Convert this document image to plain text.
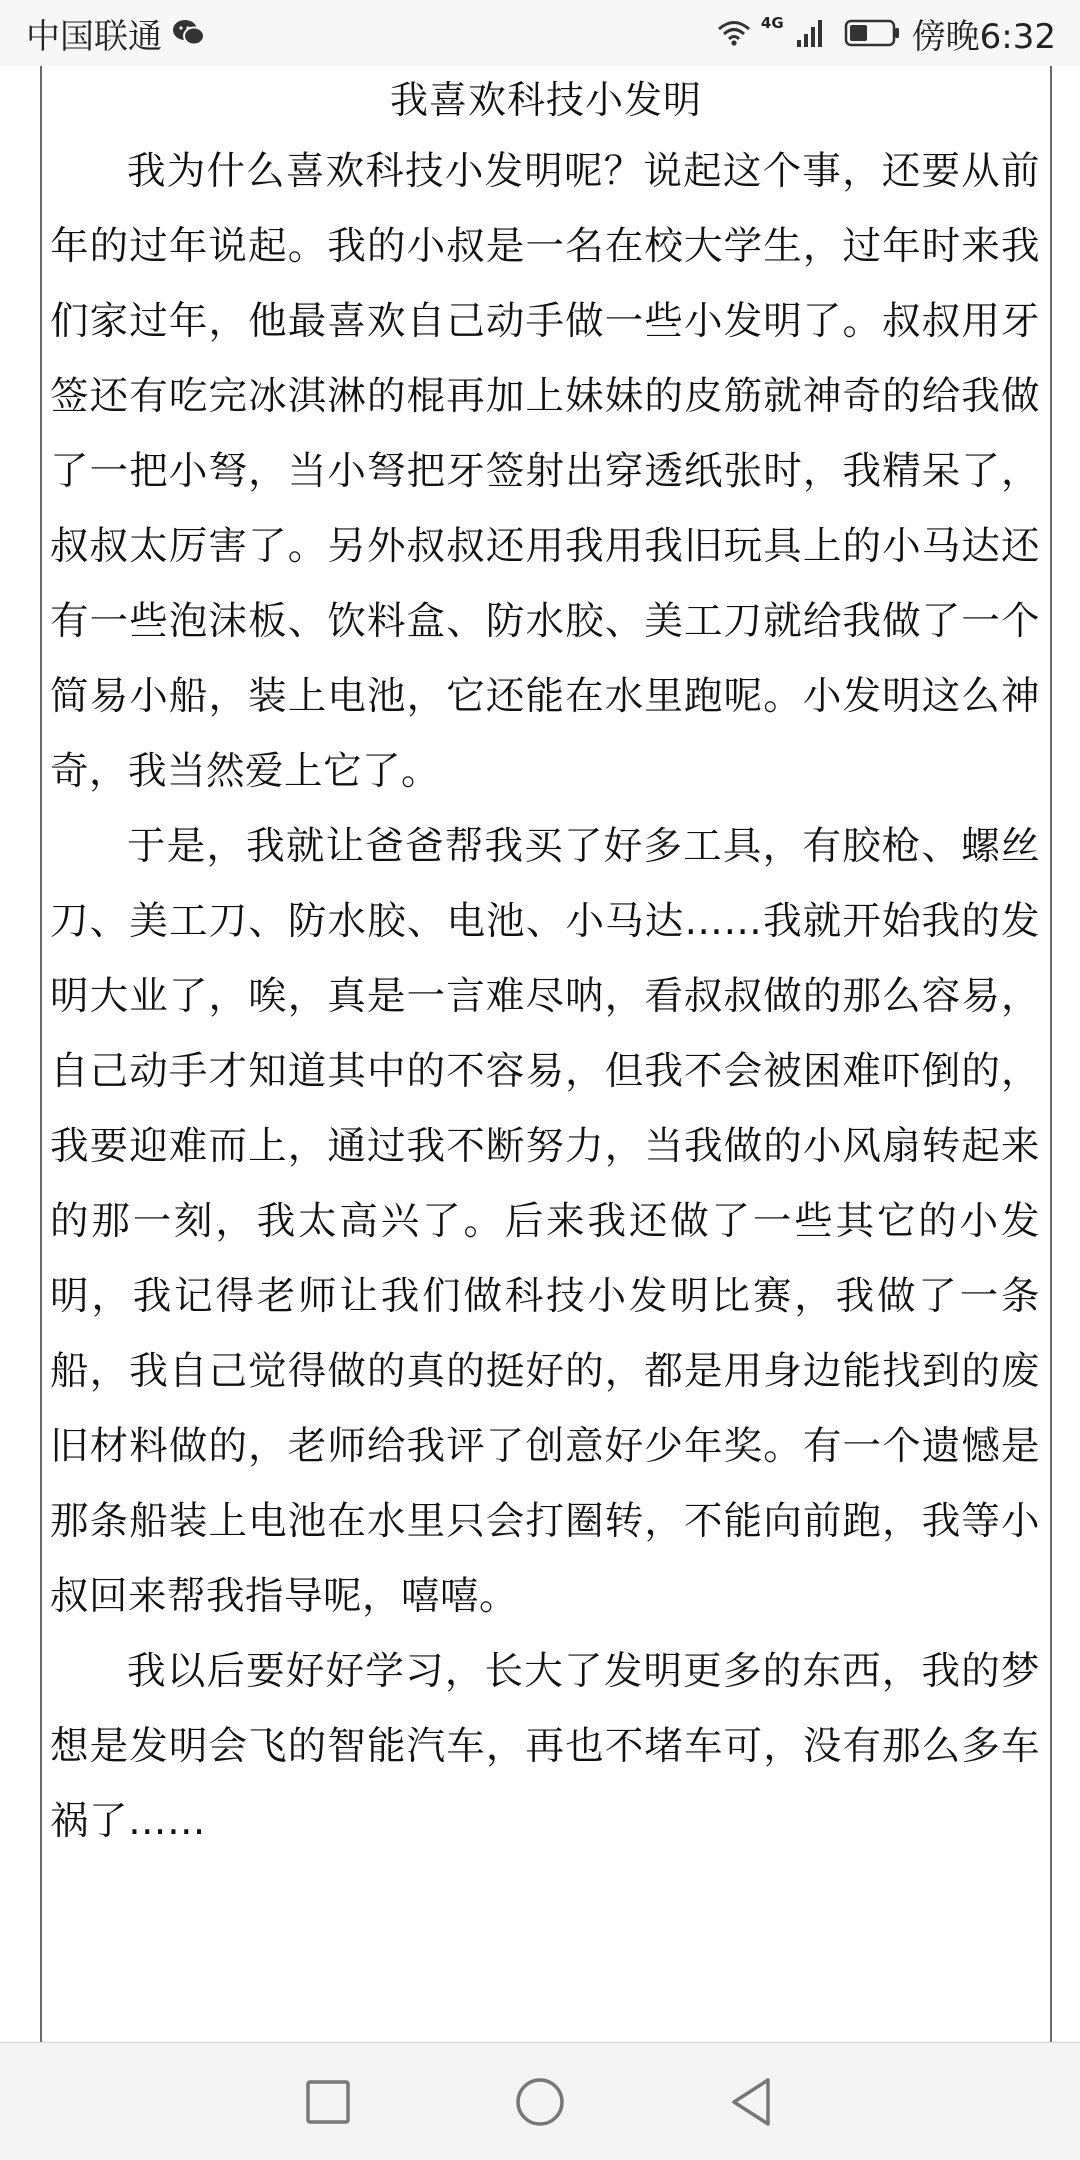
中国联通	4G	傍晚6:32
我喜欢科技小发明

我为什么喜欢科技小发明呢？说起这个事，还要从前年的过年说起。我的小叔是一名在校大学生，过年时来我们家过年，他最喜欢自己动手做一些小发明了。叔叔用牙签还有吃完冰淇淋的棍再加上妹妹的皮筋就神奇的给我做了一把小弩，当小弩把牙签射出穿透纸张时，我精呆了，叔叔太厉害了。另外叔叔还用我用我旧玩具上的小马达还有一些泡沫板、饮料盒、防水胶、美工刀就给我做了一个简易小船，装上电池，它还能在水里跑呢。小发明这么神奇，我当然爱上它了。

于是，我就让爸爸帮我买了好多工具，有胶枪、螺丝刀、美工刀、防水胶、电池、小马达……我就开始我的发明大业了，唉，真是一言难尽呐，看叔叔做的那么容易，自己动手才知道其中的不容易，但我不会被困难吓倒的，我要迎难而上，通过我不断努力，当我做的小风扇转起来的那一刻，我太高兴了。后来我还做了一些其它的小发明，我记得老师让我们做科技小发明比赛，我做了一条船，我自己觉得做的真的挺好的，都是用身边能找到的废旧材料做的，老师给我评了创意好少年奖。有一个遗憾是那条船装上电池在水里只会打圈转，不能向前跑，我等小叔回来帮我指导呢，嘻嘻。

我以后要好好学习，长大了发明更多的东西，我的梦想是发明会飞的智能汽车，再也不堵车可，没有那么多车祸了……
